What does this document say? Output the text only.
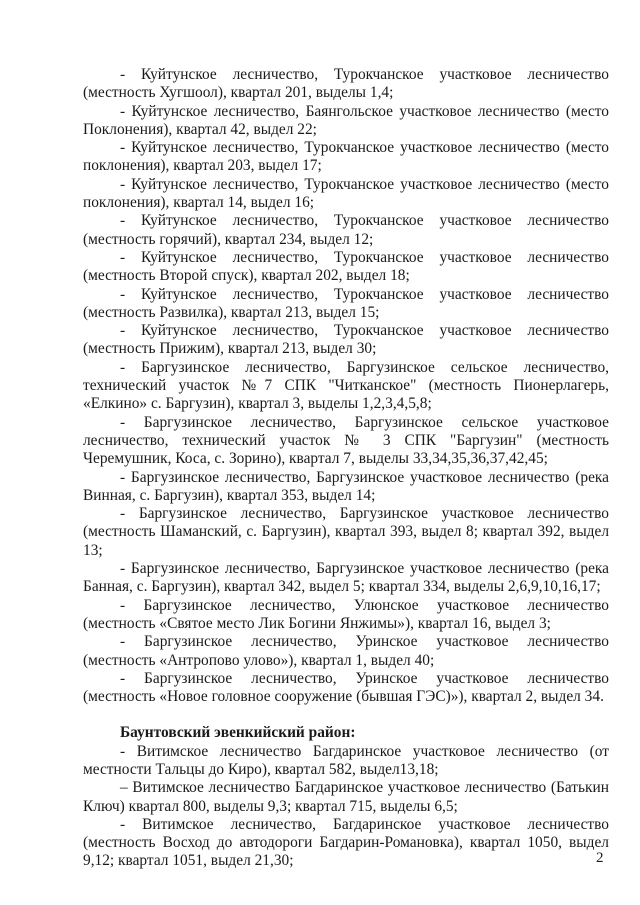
- Куйтунское лесничество, Турокчанское участковое лесничество (местность Хугшоол), квартал 201, выделы 1,4;

- Куйтунское лесничество, Баянгольское участковое лесничество (место Поклонения), квартал 42, выдел 22;

- Куйтунское лесничество, Турокчанское участковое лесничество (место поклонения), квартал 203, выдел 17;

- Куйтунское лесничество, Турокчанское участковое лесничество (место поклонения), квартал 14, выдел 16;

- Куйтунское лесничество, Турокчанское участковое лесничество (местность горячий), квартал 234, выдел 12;

- Куйтунское лесничество, Турокчанское участковое лесничество (местность Второй спуск), квартал 202, выдел 18;

- Куйтунское лесничество, Турокчанское участковое лесничество (местность Развилка), квартал 213, выдел 15;

- Куйтунское лесничество, Турокчанское участковое лесничество (местность Прижим), квартал 213, выдел 30;

- Баргузинское лесничество, Баргузинское сельское лесничество, технический участок №7 СПК "Читканское" (местность Пионерлагерь, «Елкино» с. Баргузин), квартал 3, выделы 1,2,3,4,5,8;

- Баргузинское лесничество, Баргузинское сельское участковое лесничество, технический участок № 3 СПК "Баргузин" (местность Черемушник, Коса, с. Зорино), квартал 7, выделы 33,34,35,36,37,42,45;

- Баргузинское лесничество, Баргузинское участковое лесничество (река Винная, с. Баргузин), квартал 353, выдел 14;

- Баргузинское лесничество, Баргузинское участковое лесничество (местность Шаманский, с. Баргузин), квартал 393, выдел 8; квартал 392, выдел 13;

- Баргузинское лесничество, Баргузинское участковое лесничество (река Банная, с. Баргузин), квартал 342, выдел 5; квартал 334, выделы 2,6,9,10,16,17;

- Баргузинское лесничество, Улюнское участковое лесничество (местность «Святое место Лик Богини Янжимы»), квартал 16, выдел 3;

- Баргузинское лесничество, Уринское участковое лесничество (местность «Антропово улово»), квартал 1, выдел 40;

- Баргузинское лесничество, Уринское участковое лесничество (местность «Новое головное сооружение (бывшая ГЭС)»), квартал 2, выдел 34.

Баунтовский эвенкийский район:

- Витимское лесничество Багдаринское участковое лесничество (от местности Тальцы до Киро), квартал 582, выдел13,18;

– Витимское лесничество Багдаринское участковое лесничество (Батькин Ключ) квартал 800, выделы 9,3; квартал 715, выделы 6,5;

- Витимское лесничество, Багдаринское участковое лесничество (местность Восход до автодороги Багдарин-Романовка), квартал 1050, выдел 9,12; квартал 1051, выдел 21,30;	2
